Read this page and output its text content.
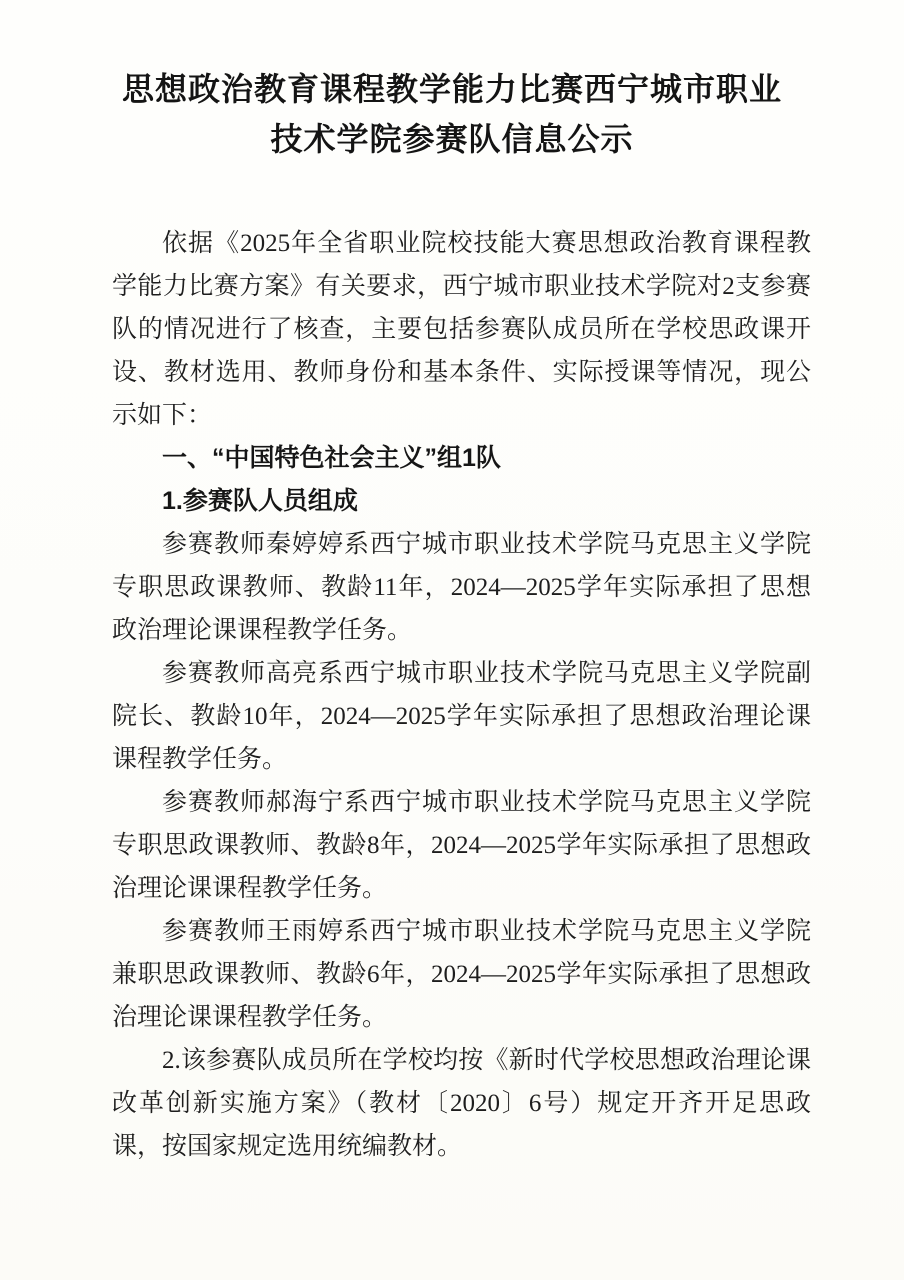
思想政治教育课程教学能力比赛西宁城市职业技术学院参赛队信息公示

依据《2025年全省职业院校技能大赛思想政治教育课程教学能力比赛方案》有关要求，西宁城市职业技术学院对2支参赛队的情况进行了核查，主要包括参赛队成员所在学校思政课开设、教材选用、教师身份和基本条件、实际授课等情况，现公示如下：

一、“中国特色社会主义”组1队

1.参赛队人员组成

参赛教师秦婷婷系西宁城市职业技术学院马克思主义学院专职思政课教师、教龄11年，2024—2025学年实际承担了思想政治理论课课程教学任务。

参赛教师高亮系西宁城市职业技术学院马克思主义学院副院长、教龄10年，2024—2025学年实际承担了思想政治理论课课程教学任务。

参赛教师郝海宁系西宁城市职业技术学院马克思主义学院专职思政课教师、教龄8年，2024—2025学年实际承担了思想政治理论课课程教学任务。

参赛教师王雨婷系西宁城市职业技术学院马克思主义学院兼职思政课教师、教龄6年，2024—2025学年实际承担了思想政治理论课课程教学任务。

2.该参赛队成员所在学校均按《新时代学校思想政治理论课改革创新实施方案》（教材〔2020〕6号）规定开齐开足思政课，按国家规定选用统编教材。
